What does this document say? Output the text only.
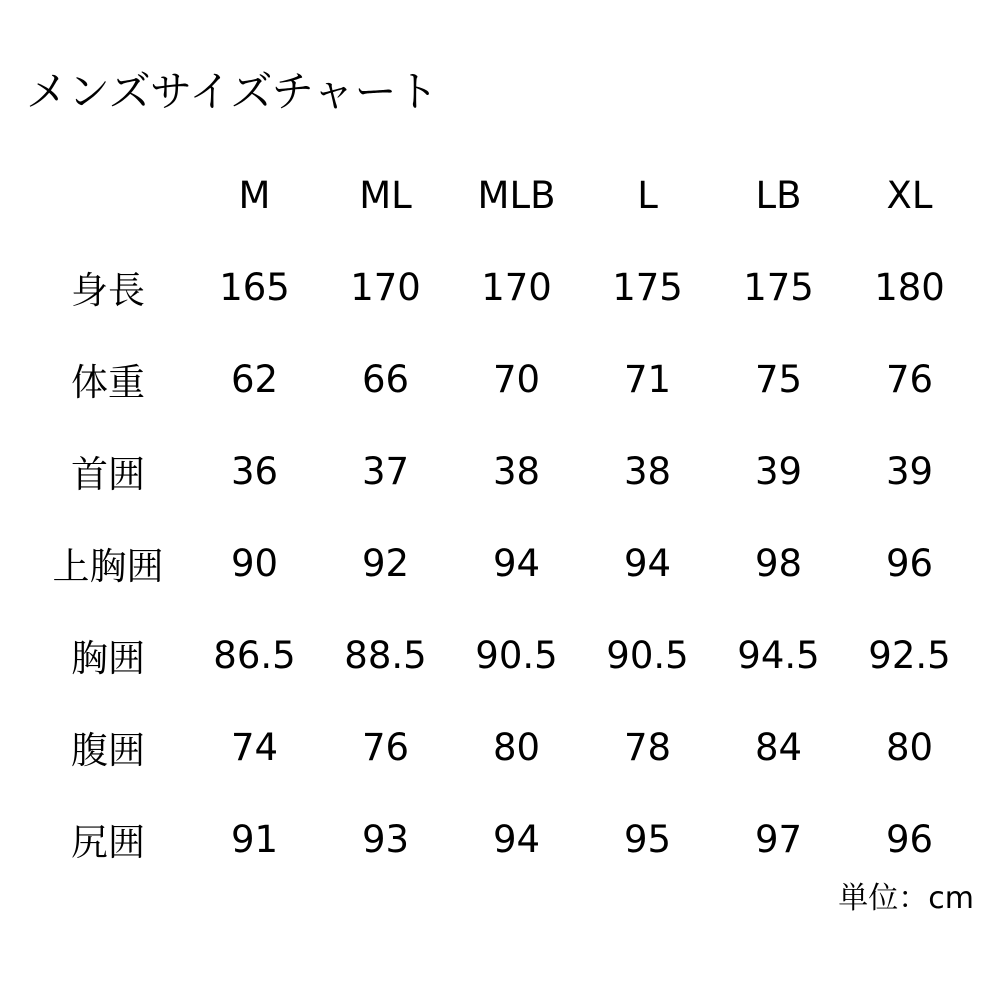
メンズサイズチャート
	M	ML	MLB	L	LB	XL
身長	165	170	170	175	175	180
体重	62	66	70	71	75	76
首囲	36	37	38	38	39	39
上胸囲	90	92	94	94	98	96
胸囲	86.5	88.5	90.5	90.5	94.5	92.5
腹囲	74	76	80	78	84	80
尻囲	91	93	94	95	97	96
単位：cm
